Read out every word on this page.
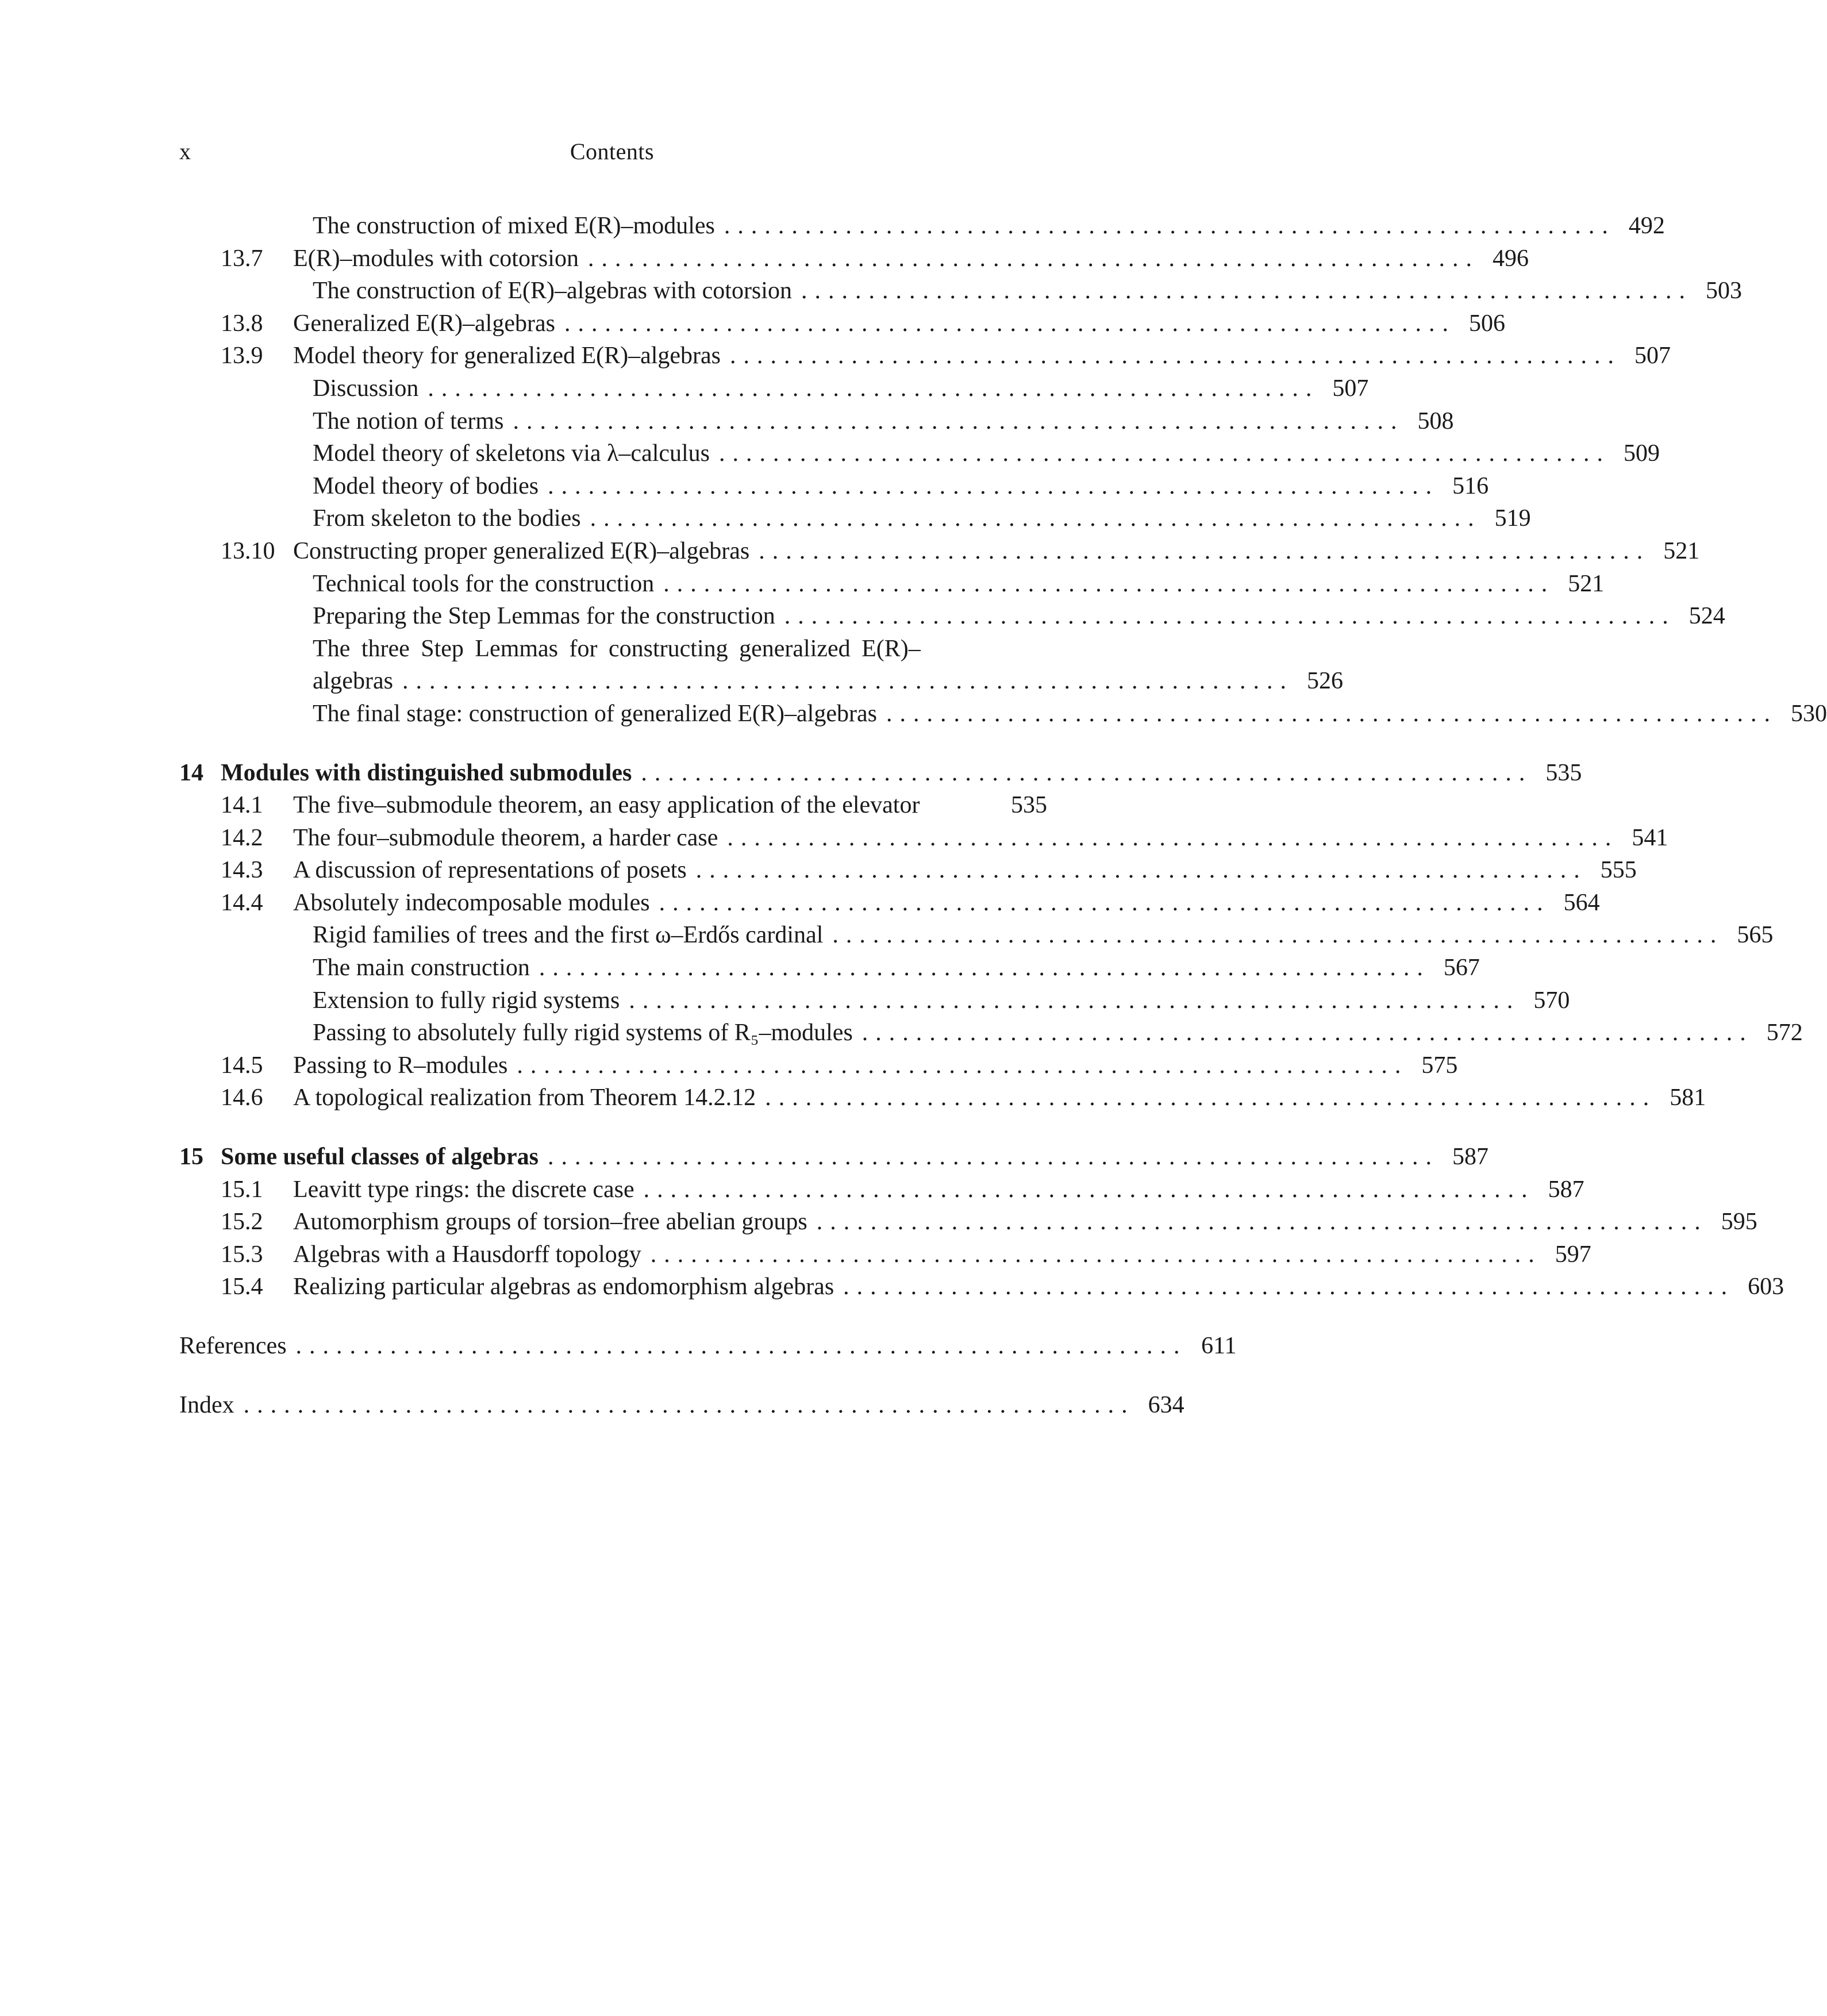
x	Contents
The construction of mixed E(R)–modules .................................................................. 492
13.7	E(R)–modules with cotorsion .................................................................. 496
The construction of E(R)–algebras with cotorsion .................................................................. 503
13.8	Generalized E(R)–algebras .................................................................. 506
13.9	Model theory for generalized E(R)–algebras .................................................................. 507
Discussion .................................................................. 507
The notion of terms .................................................................. 508
Model theory of skeletons via λ–calculus .................................................................. 509
Model theory of bodies .................................................................. 516
From skeleton to the bodies .................................................................. 519
13.10 Constructing proper generalized E(R)–algebras .................................................................. 521
Technical tools for the construction .................................................................. 521
Preparing the Step Lemmas for the construction .................................................................. 524
The three Step Lemmas for constructing generalized E(R)–
algebras .................................................................. 526
The final stage: construction of generalized E(R)–algebras .................................................................. 530
14 Modules with distinguished submodules .................................................................. 535
14.1	The five–submodule theorem, an easy application of the elevator	535
14.2	The four–submodule theorem, a harder case .................................................................. 541
14.3	A discussion of representations of posets .................................................................. 555
14.4	Absolutely indecomposable modules .................................................................. 564
Rigid families of trees and the first ω–Erdős cardinal .................................................................. 565
The main construction .................................................................. 567
Extension to fully rigid systems .................................................................. 570
Passing to absolutely fully rigid systems of R₅–modules .................................................................. 572
14.5	Passing to R–modules .................................................................. 575
14.6	A topological realization from Theorem 14.2.12 .................................................................. 581
15 Some useful classes of algebras .................................................................. 587
15.1	Leavitt type rings: the discrete case .................................................................. 587
15.2	Automorphism groups of torsion–free abelian groups .................................................................. 595
15.3	Algebras with a Hausdorff topology .................................................................. 597
15.4	Realizing particular algebras as endomorphism algebras .................................................................. 603
References .................................................................. 611
Index .................................................................. 634
